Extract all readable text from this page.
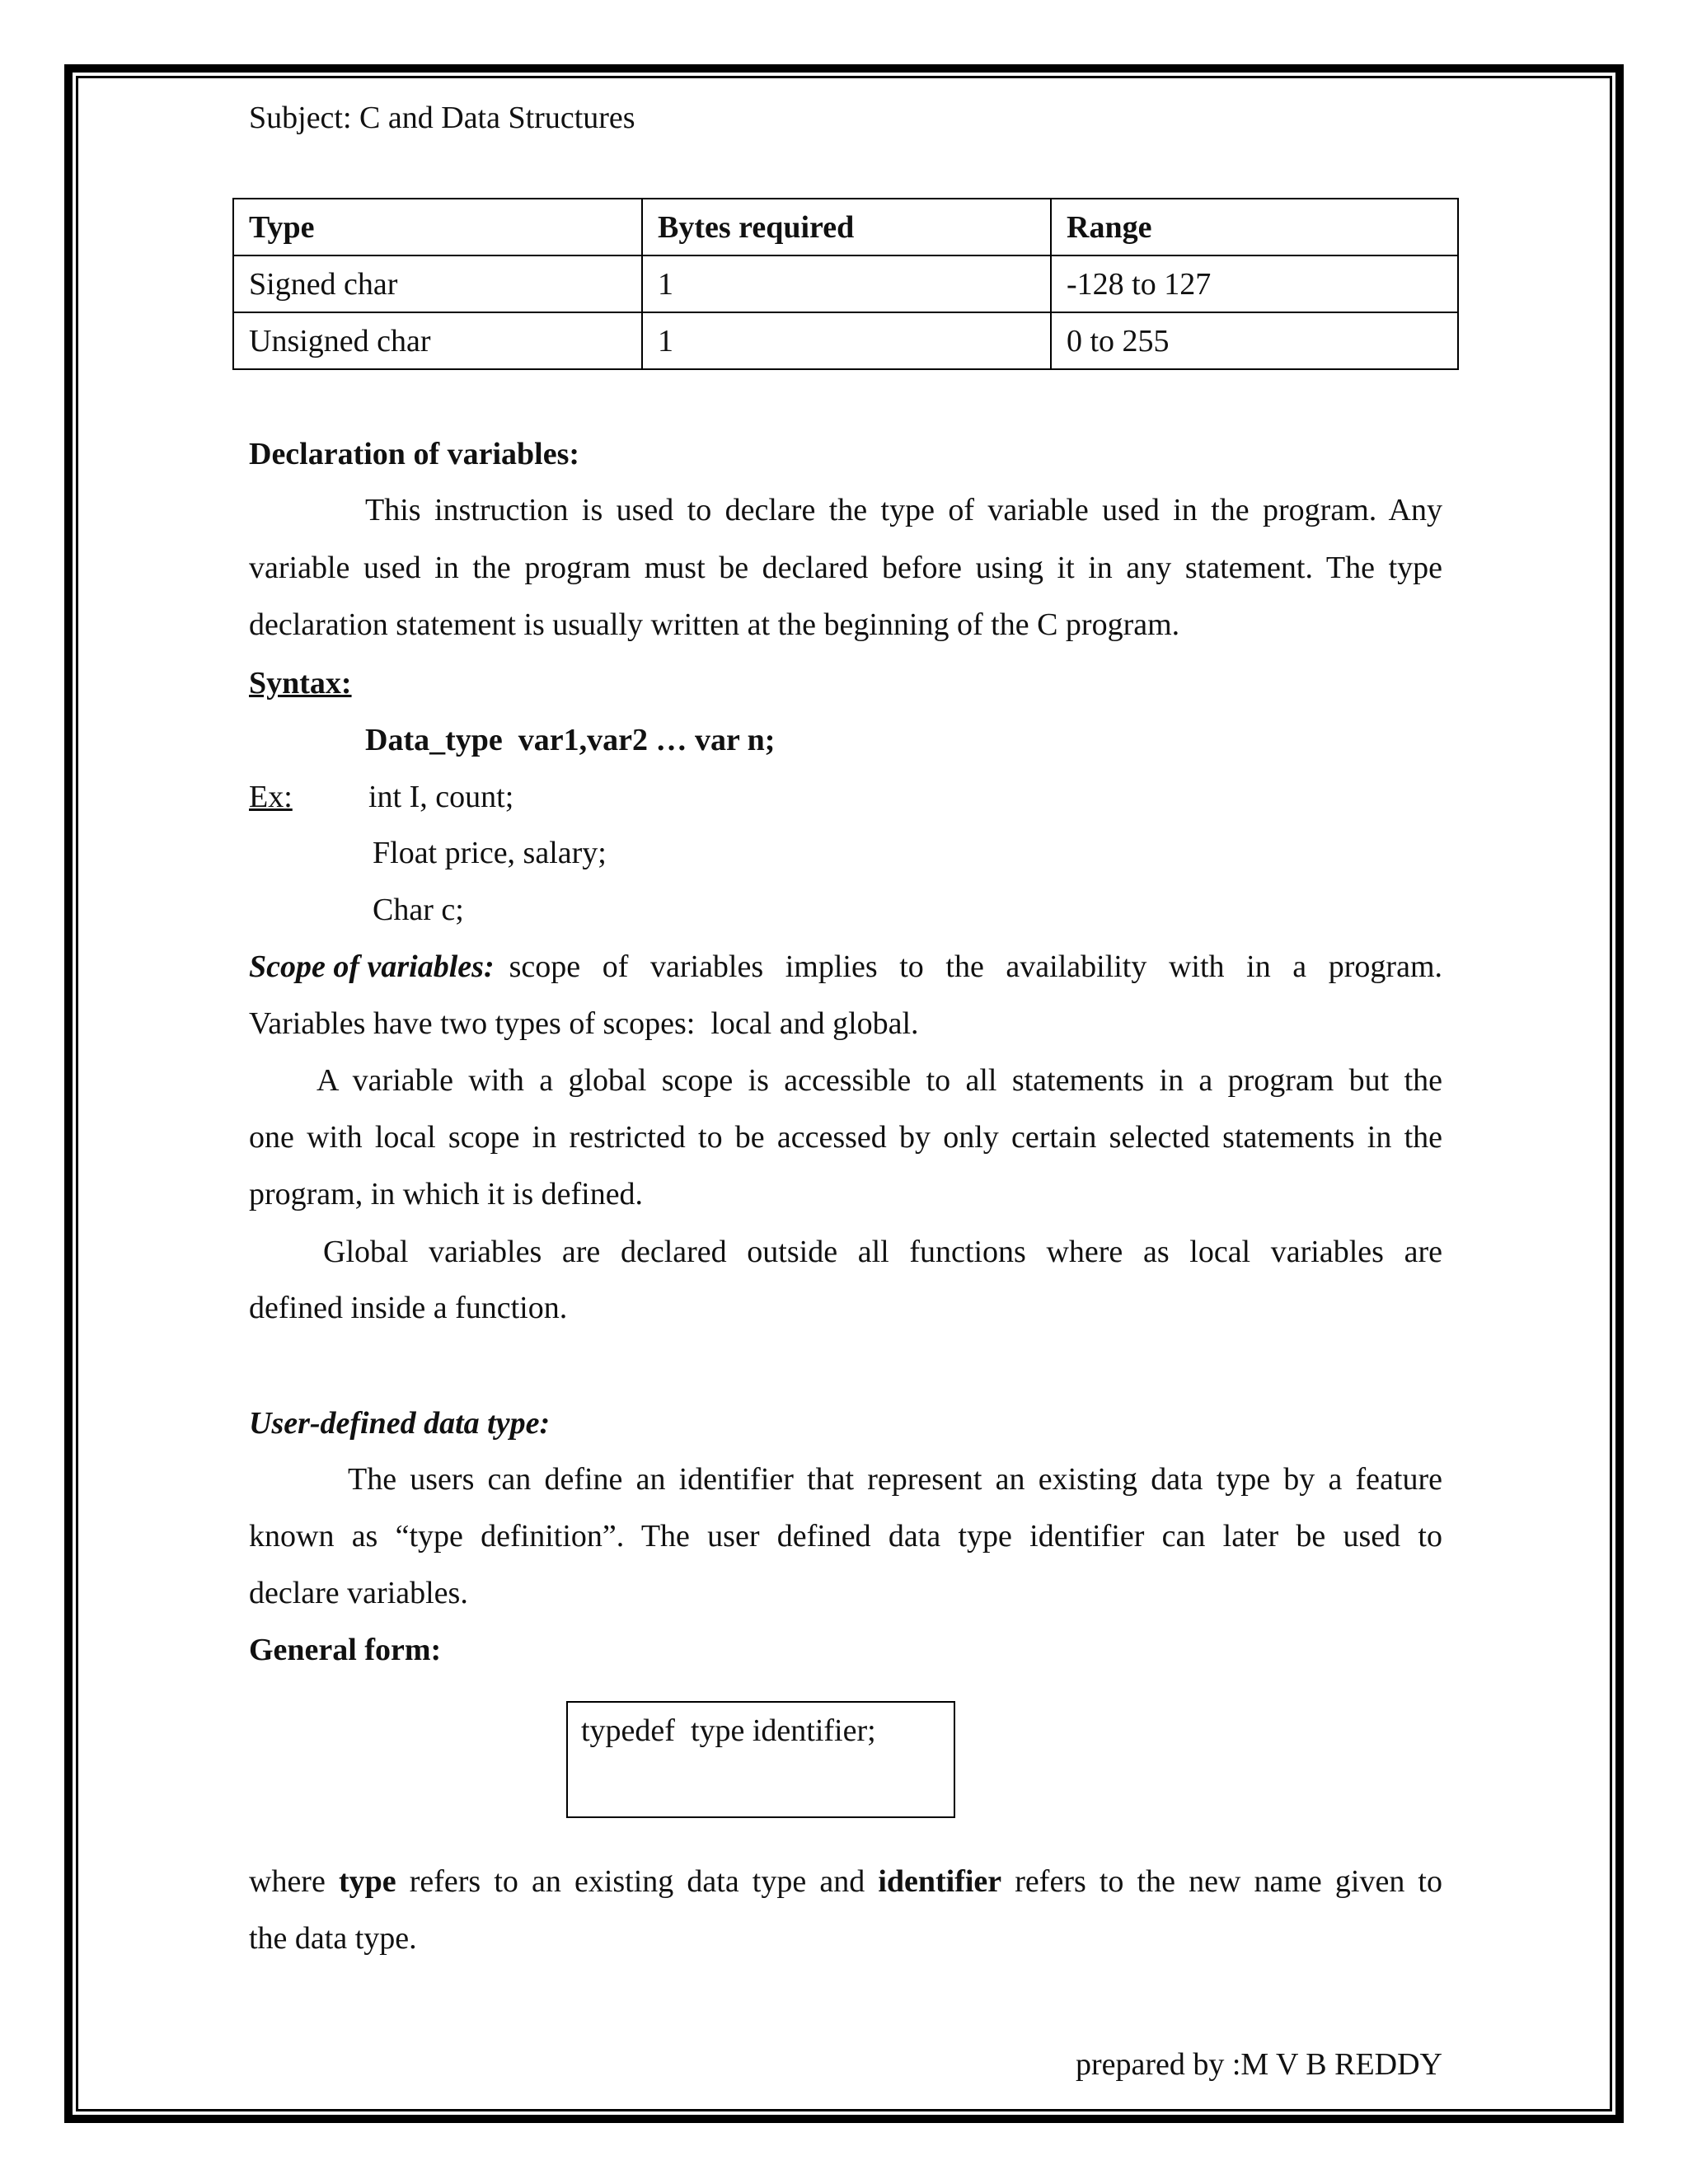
Subject: C and Data Structures
Type	Bytes required	Range
Signed char	1	-128 to 127
Unsigned char	1	0 to 255
Declaration of variables:
This instruction is used to declare the type of variable used in the program. Any
variable used in the program must be declared before using it in any statement. The type
declaration statement is usually written at the beginning of the C program.
Syntax:
Data_type  var1,var2 … var n;
Ex: int I, count;
Float price, salary;
Char c;
Scope of variables: scope of variables implies to the availability with in a program.
Variables have two types of scopes:  local and global.
A variable with a global scope is accessible to all statements in a program but the
one with local scope in restricted to be accessed by only certain selected statements in the
program, in which it is defined.
Global variables are declared outside all functions where as local variables are
defined inside a function.
User-defined data type:
The users can define an identifier that represent an existing data type by a feature
known as “type definition”. The user defined data type identifier can later be used to
declare variables.
General form:
typedef  type identifier;
where type refers to an existing data type and identifier refers to the new name given to
the data type.
prepared by :M V B REDDY
